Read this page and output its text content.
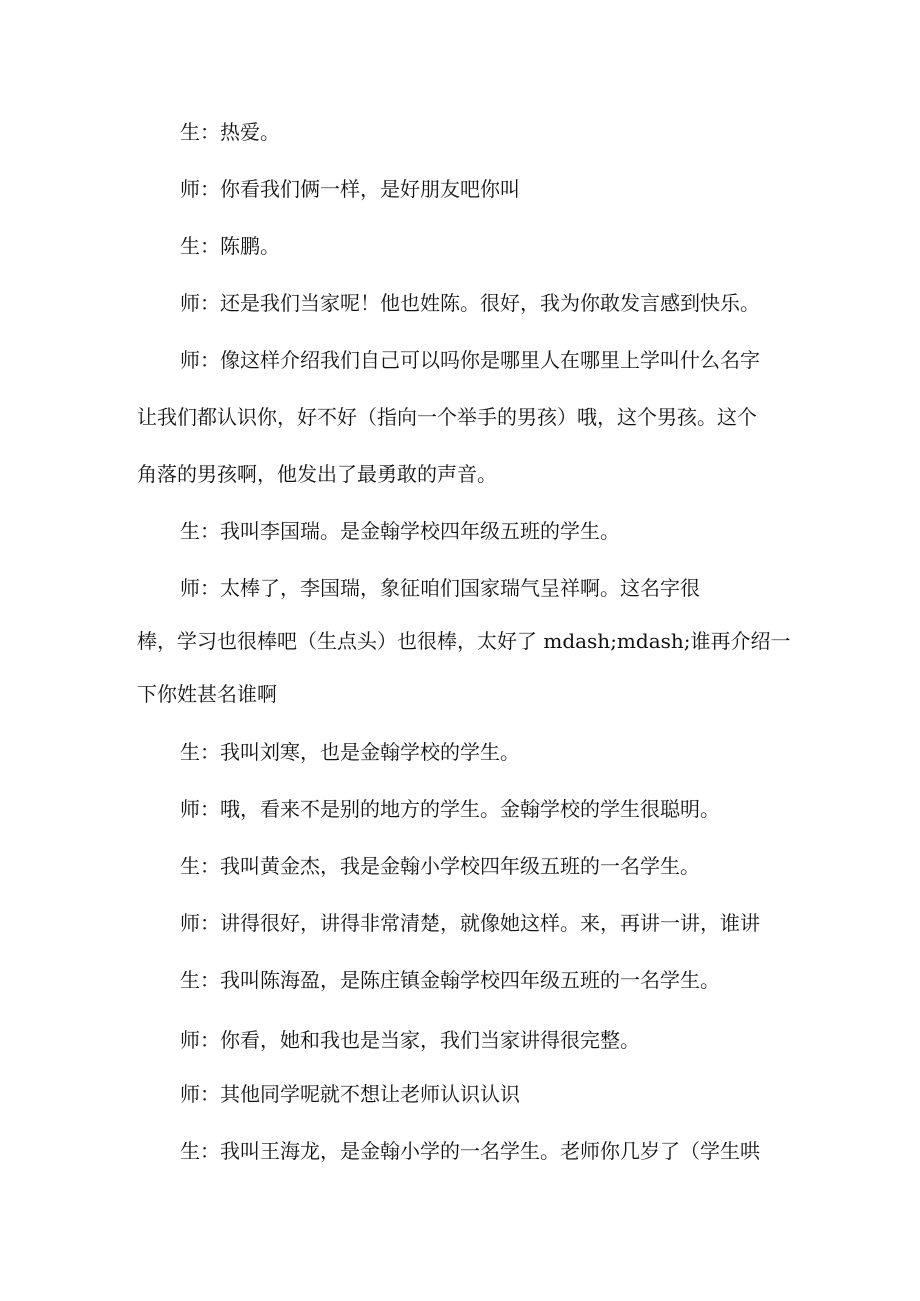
生：热爱。

师：你看我们俩一样，是好朋友吧你叫

生：陈鹏。

师：还是我们当家呢！他也姓陈。很好，我为你敢发言感到快乐。

师：像这样介绍我们自己可以吗你是哪里人在哪里上学叫什么名字

让我们都认识你，好不好（指向一个举手的男孩）哦，这个男孩。这个

角落的男孩啊，他发出了最勇敢的声音。

生：我叫李国瑞。是金翰学校四年级五班的学生。

师：太棒了，李国瑞，象征咱们国家瑞气呈祥啊。这名字很

棒，学习也很棒吧（生点头）也很棒，太好了 mdash;mdash;谁再介绍一

下你姓甚名谁啊

生：我叫刘寒，也是金翰学校的学生。

师：哦，看来不是别的地方的学生。金翰学校的学生很聪明。

生：我叫黄金杰，我是金翰小学校四年级五班的一名学生。

师：讲得很好，讲得非常清楚，就像她这样。来，再讲一讲，谁讲

生：我叫陈海盈，是陈庄镇金翰学校四年级五班的一名学生。

师：你看，她和我也是当家，我们当家讲得很完整。

师：其他同学呢就不想让老师认识认识

生：我叫王海龙，是金翰小学的一名学生。老师你几岁了（学生哄
